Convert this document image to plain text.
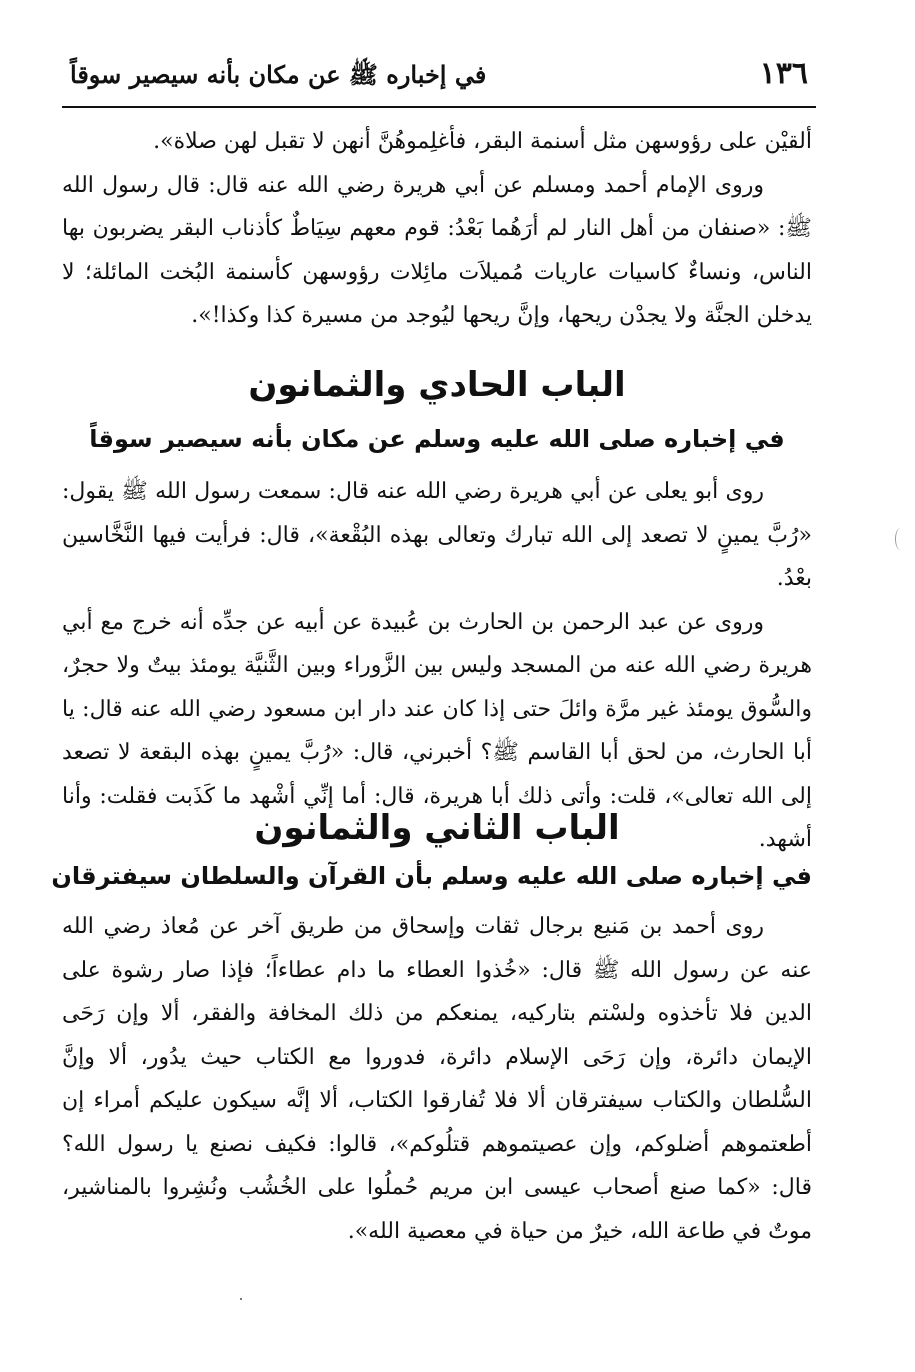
١٣٦
في إخباره ﷺ عن مكان بأنه سيصير سوقاً

ألقيْن على رؤوسهن مثل أسنمة البقر، فأغلِموهُنَّ أنهن لا تقبل لهن صلاة».

وروى الإمام أحمد ومسلم عن أبي هريرة رضي الله عنه قال: قال رسول الله ﷺ: «صنفان من أهل النار لم أرَهُما بَعْدُ: قوم معهم سِيَاطٌ كأذناب البقر يضربون بها الناس، ونساءٌ كاسيات عاريات مُميلاَت مائِلات رؤوسهن كأسنمة البُخت المائلة؛ لا يدخلن الجنَّة ولا يجدْن ريحها، وإنَّ ريحها ليُوجد من مسيرة كذا وكذا!».

الباب الحادي والثمانون
في إخباره صلى الله عليه وسلم عن مكان بأنه سيصير سوقاً

روى أبو يعلى عن أبي هريرة رضي الله عنه قال: سمعت رسول الله ﷺ يقول: «رُبَّ يمينٍ لا تصعد إلى الله تبارك وتعالى بهذه البُقْعة»، قال: فرأيت فيها النَّخَّاسين بعْدُ.

وروى عن عبد الرحمن بن الحارث بن عُبيدة عن أبيه عن جدِّه أنه خرج مع أبي هريرة رضي الله عنه من المسجد وليس بين الزَّوراء وبين الثَّنيَّة يومئذ بيتٌ ولا حجرٌ، والسُّوق يومئذ غير مرَّة وائلَ حتى إذا كان عند دار ابن مسعود رضي الله عنه قال: يا أبا الحارث، من لحق أبا القاسم ﷺ؟ أخبرني، قال: «رُبَّ يمينٍ بهذه البقعة لا تصعد إلى الله تعالى»، قلت: وأتى ذلك أبا هريرة، قال: أما إنِّي أشْهد ما كَذَبت فقلت: وأنا أشهد.

الباب الثاني والثمانون
في إخباره صلى الله عليه وسلم بأن القرآن والسلطان سيفترقان

روى أحمد بن مَنيع برجال ثقات وإسحاق من طريق آخر عن مُعاذ رضي الله عنه عن رسول الله ﷺ قال: «خُذوا العطاء ما دام عطاءاً؛ فإذا صار رشوة على الدين فلا تأخذوه ولسْتم بتاركيه، يمنعكم من ذلك المخافة والفقر، ألا وإن رَحَى الإيمان دائرة، وإن رَحَى الإسلام دائرة، فدوروا مع الكتاب حيث يدُور، ألا وإنَّ السُّلطان والكتاب سيفترقان ألا فلا تُفارقوا الكتاب، ألا إنَّه سيكون عليكم أمراء إن أطعتموهم أضلوكم، وإن عصيتموهم قتلُوكم»، قالوا: فكيف نصنع يا رسول الله؟ قال: «كما صنع أصحاب عيسى ابن مريم حُملُوا على الخُشُب ونُشِروا بالمناشير، موتٌ في طاعة الله، خيرٌ من حياة في معصية الله».
